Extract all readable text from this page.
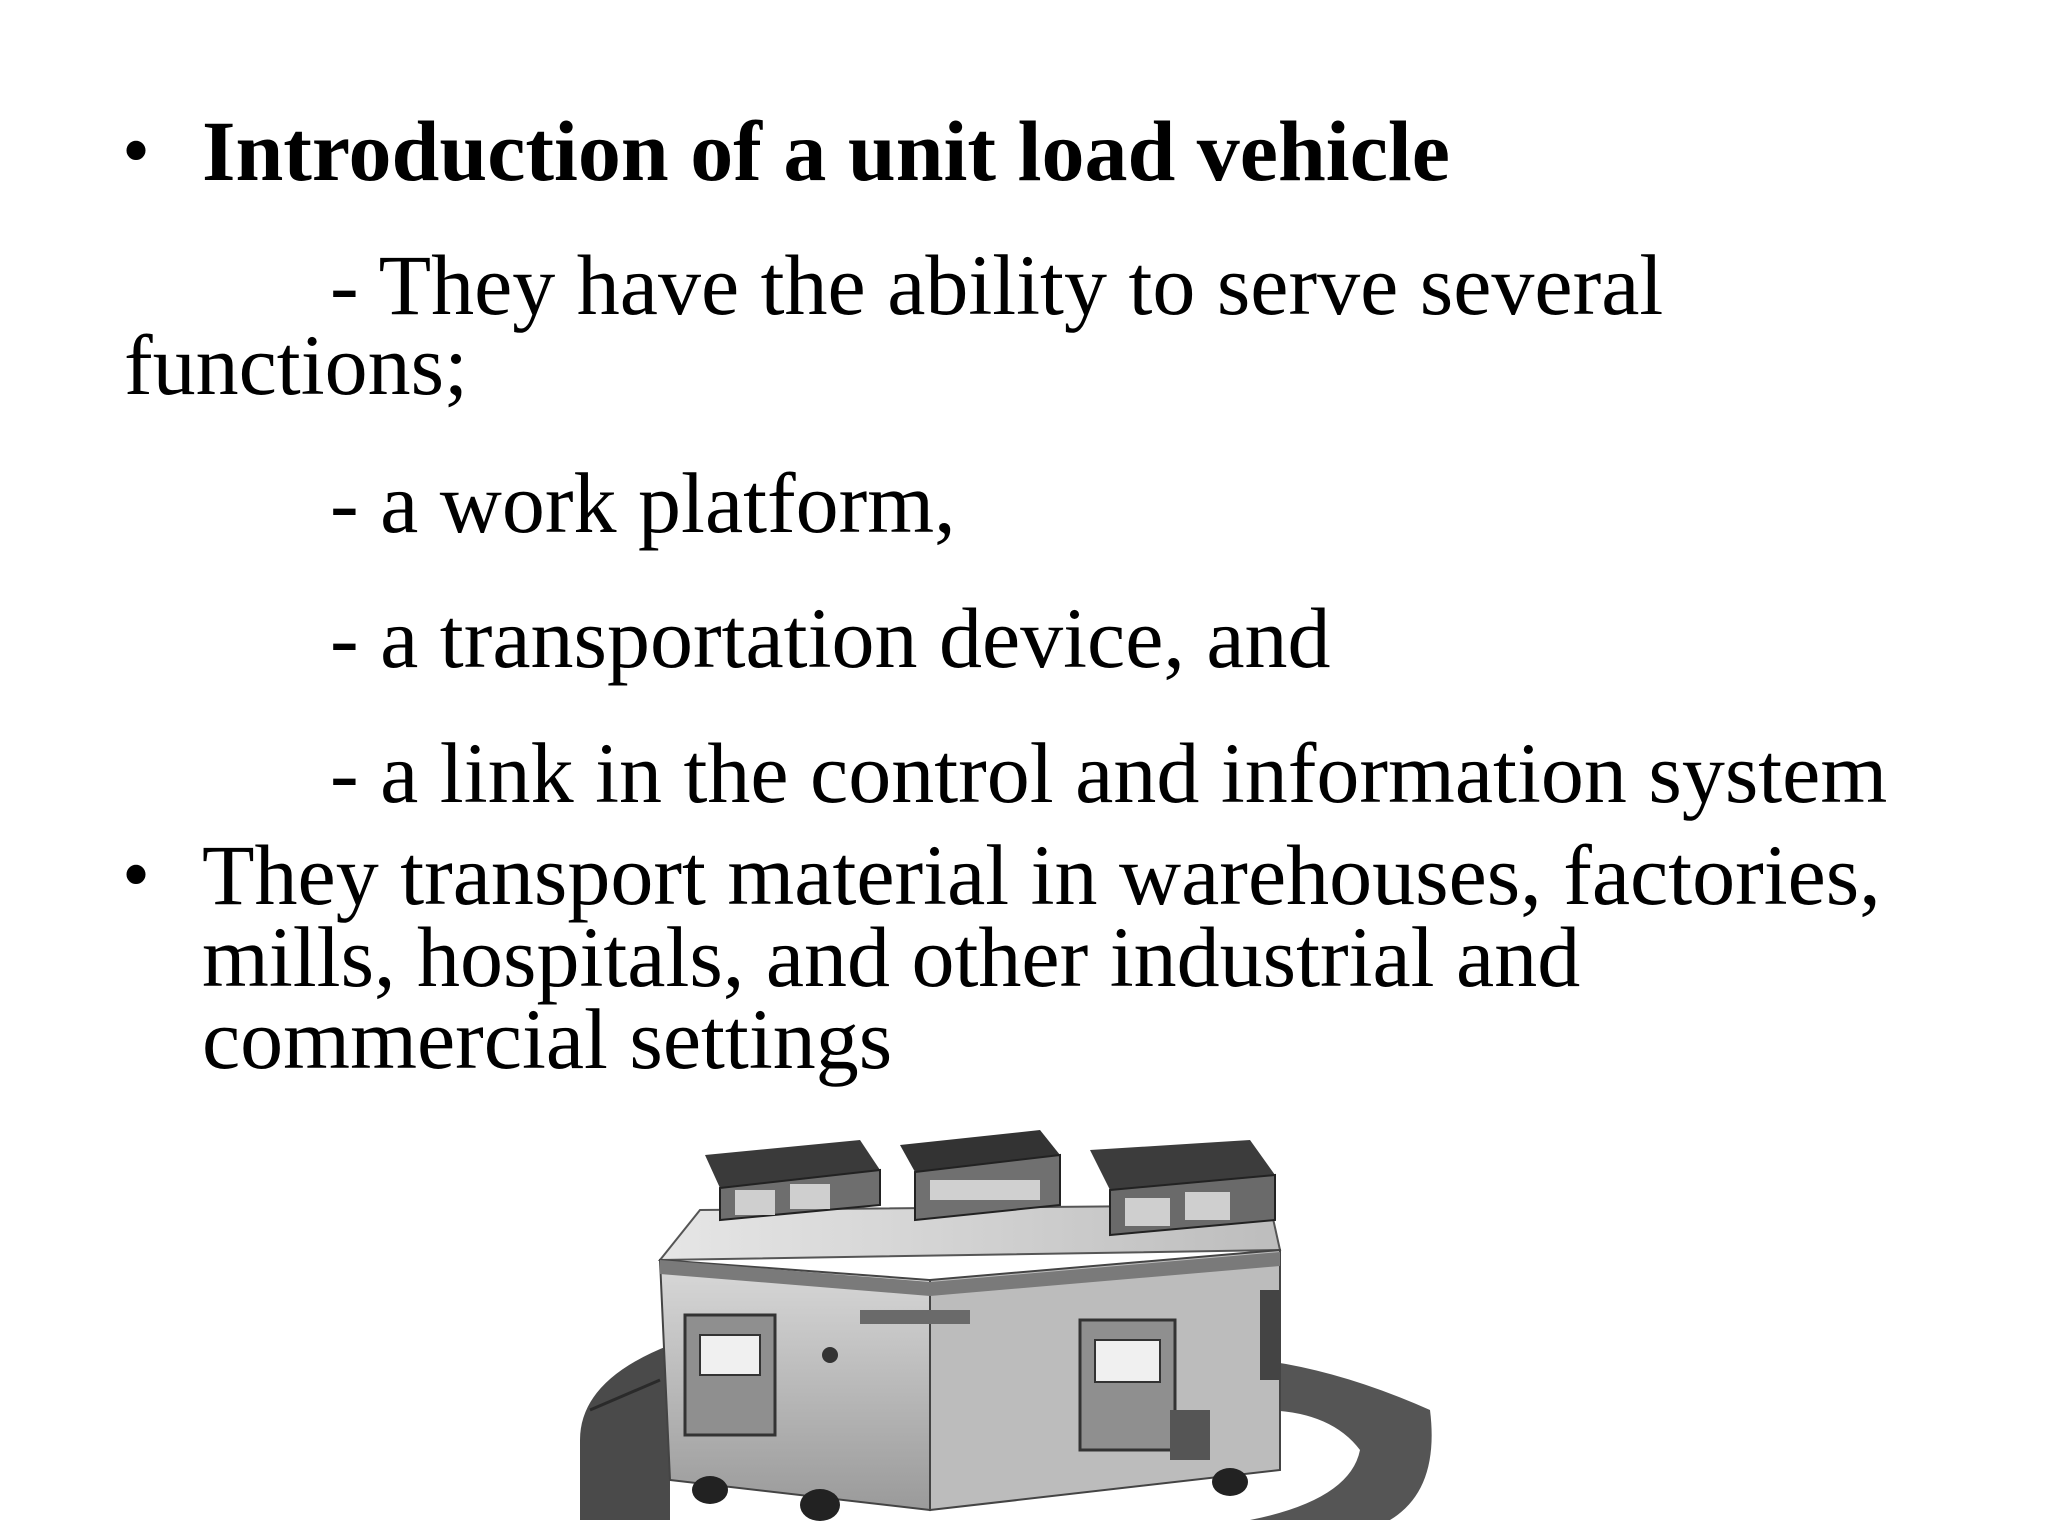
• Introduction of a unit load vehicle
- They have the ability to serve several
functions;
- a work platform,
- a transportation device, and
- a link in the control and information system
• They transport material in warehouses, factories,
mills, hospitals, and other industrial and
commercial settings
